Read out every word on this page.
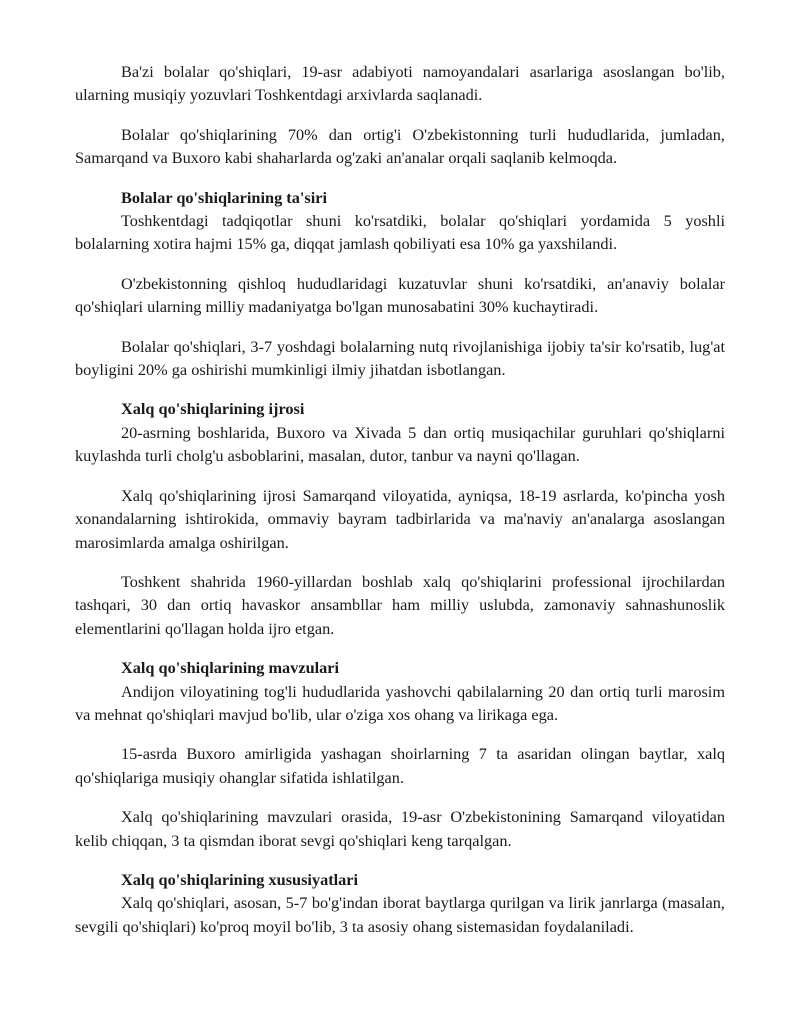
Ba'zi bolalar qo'shiqlari, 19-asr adabiyoti namoyandalari asarlariga asoslangan bo'lib, ularning musiqiy yozuvlari Toshkentdagi arxivlarda saqlanadi.

Bolalar qo'shiqlarining 70% dan ortig'i O'zbekistonning turli hududlarida, jumladan, Samarqand va Buxoro kabi shaharlarda og'zaki an'analar orqali saqlanib kelmoqda.

Bolalar qo'shiqlarining ta'siri

Toshkentdagi tadqiqotlar shuni ko'rsatdiki, bolalar qo'shiqlari yordamida 5 yoshli bolalarning xotira hajmi 15% ga, diqqat jamlash qobiliyati esa 10% ga yaxshilandi.

O'zbekistonning qishloq hududlaridagi kuzatuvlar shuni ko'rsatdiki, an'anaviy bolalar qo'shiqlari ularning milliy madaniyatga bo'lgan munosabatini 30% kuchaytiradi.

Bolalar qo'shiqlari, 3-7 yoshdagi bolalarning nutq rivojlanishiga ijobiy ta'sir ko'rsatib, lug'at boyligini 20% ga oshirishi mumkinligi ilmiy jihatdan isbotlangan.

Xalq qo'shiqlarining ijrosi

20-asrning boshlarida, Buxoro va Xivada 5 dan ortiq musiqachilar guruhlari qo'shiqlarni kuylashda turli cholg'u asboblarini, masalan, dutor, tanbur va nayni qo'llagan.

Xalq qo'shiqlarining ijrosi Samarqand viloyatida, ayniqsa, 18-19 asrlarda, ko'pincha yosh xonandalarning ishtirokida, ommaviy bayram tadbirlarida va ma'naviy an'analarga asoslangan marosimlarda amalga oshirilgan.

Toshkent shahrida 1960-yillardan boshlab xalq qo'shiqlarini professional ijrochilardan tashqari, 30 dan ortiq havaskor ansambllar ham milliy uslubda, zamonaviy sahnashunoslik elementlarini qo'llagan holda ijro etgan.

Xalq qo'shiqlarining mavzulari

Andijon viloyatining tog'li hududlarida yashovchi qabilalarning 20 dan ortiq turli marosim va mehnat qo'shiqlari mavjud bo'lib, ular o'ziga xos ohang va lirikaga ega.

15-asrda Buxoro amirligida yashagan shoirlarning 7 ta asaridan olingan baytlar, xalq qo'shiqlariga musiqiy ohanglar sifatida ishlatilgan.

Xalq qo'shiqlarining mavzulari orasida, 19-asr O'zbekistonining Samarqand viloyatidan kelib chiqqan, 3 ta qismdan iborat sevgi qo'shiqlari keng tarqalgan.

Xalq qo'shiqlarining xususiyatlari

Xalq qo'shiqlari, asosan, 5-7 bo'g'indan iborat baytlarga qurilgan va lirik janrlarga (masalan, sevgili qo'shiqlari) ko'proq moyil bo'lib, 3 ta asosiy ohang sistemasidan foydalaniladi.
